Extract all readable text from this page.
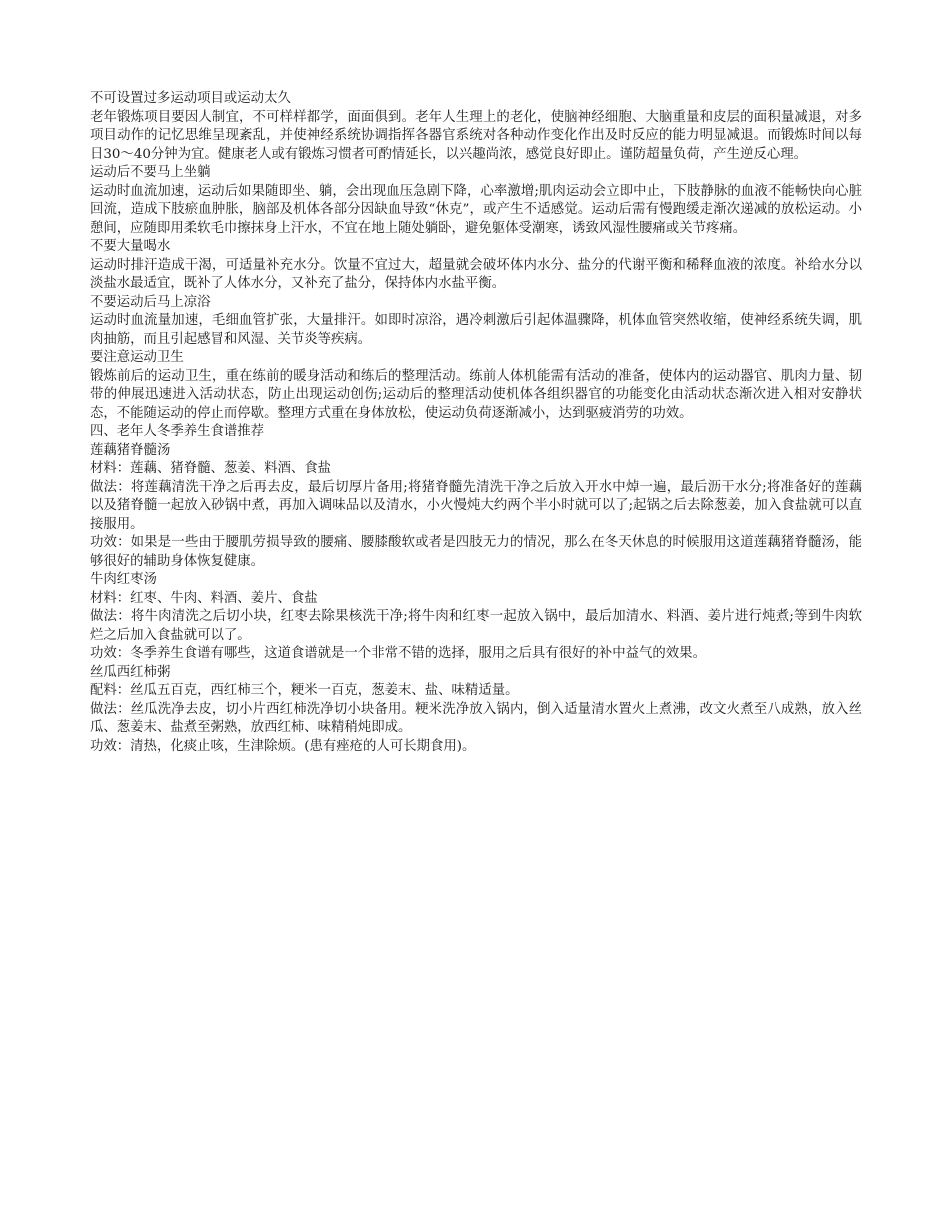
不可设置过多运动项目或运动太久

老年锻炼项目要因人制宜，不可样样都学，面面俱到。老年人生理上的老化，使脑神经细胞、大脑重量和皮层的面积量减退，对多项目动作的记忆思维呈现紊乱，并使神经系统协调指挥各器官系统对各种动作变化作出及时反应的能力明显减退。而锻炼时间以每日30～40分钟为宜。健康老人或有锻炼习惯者可酌情延长，以兴趣尚浓，感觉良好即止。谨防超量负荷，产生逆反心理。

运动后不要马上坐躺

运动时血流加速，运动后如果随即坐、躺，会出现血压急剧下降，心率激增;肌肉运动会立即中止，下肢静脉的血液不能畅快向心脏回流，造成下肢瘀血肿胀，脑部及机体各部分因缺血导致“休克”，或产生不适感觉。运动后需有慢跑缓走渐次递减的放松运动。小憩间，应随即用柔软毛巾擦抹身上汗水，不宜在地上随处躺卧，避免躯体受潮寒，诱致风湿性腰痛或关节疼痛。

不要大量喝水

运动时排汗造成干渴，可适量补充水分。饮量不宜过大，超量就会破坏体内水分、盐分的代谢平衡和稀释血液的浓度。补给水分以淡盐水最适宜，既补了人体水分，又补充了盐分，保持体内水盐平衡。

不要运动后马上凉浴

运动时血流量加速，毛细血管扩张，大量排汗。如即时凉浴，遇冷刺激后引起体温骤降，机体血管突然收缩，使神经系统失调，肌肉抽筋，而且引起感冒和风湿、关节炎等疾病。

要注意运动卫生

锻炼前后的运动卫生，重在练前的暖身活动和练后的整理活动。练前人体机能需有活动的准备，使体内的运动器官、肌肉力量、韧带的伸展迅速进入活动状态，防止出现运动创伤;运动后的整理活动使机体各组织器官的功能变化由活动状态渐次进入相对安静状态，不能随运动的停止而停歇。整理方式重在身体放松，使运动负荷逐渐减小，达到驱疲消劳的功效。

四、老年人冬季养生食谱推荐

莲藕猪脊髓汤

材料：莲藕、猪脊髓、葱姜、料酒、食盐

做法：将莲藕清洗干净之后再去皮，最后切厚片备用;将猪脊髓先清洗干净之后放入开水中焯一遍，最后沥干水分;将准备好的莲藕以及猪脊髓一起放入砂锅中煮，再加入调味品以及清水，小火慢炖大约两个半小时就可以了;起锅之后去除葱姜，加入食盐就可以直接服用。

功效：如果是一些由于腰肌劳损导致的腰痛、腰膝酸软或者是四肢无力的情况，那么在冬天休息的时候服用这道莲藕猪脊髓汤，能够很好的辅助身体恢复健康。

牛肉红枣汤

材料：红枣、牛肉、料酒、姜片、食盐

做法：将牛肉清洗之后切小块，红枣去除果核洗干净;将牛肉和红枣一起放入锅中，最后加清水、料酒、姜片进行炖煮;等到牛肉软烂之后加入食盐就可以了。

功效：冬季养生食谱有哪些，这道食谱就是一个非常不错的选择，服用之后具有很好的补中益气的效果。

丝瓜西红柿粥

配料：丝瓜五百克，西红柿三个，粳米一百克，葱姜末、盐、味精适量。

做法：丝瓜洗净去皮，切小片西红柿洗净切小块备用。粳米洗净放入锅内，倒入适量清水置火上煮沸，改文火煮至八成熟，放入丝瓜、葱姜末、盐煮至粥熟，放西红柿、味精稍炖即成。

功效：清热，化痰止咳，生津除烦。(患有痤疮的人可长期食用)。
